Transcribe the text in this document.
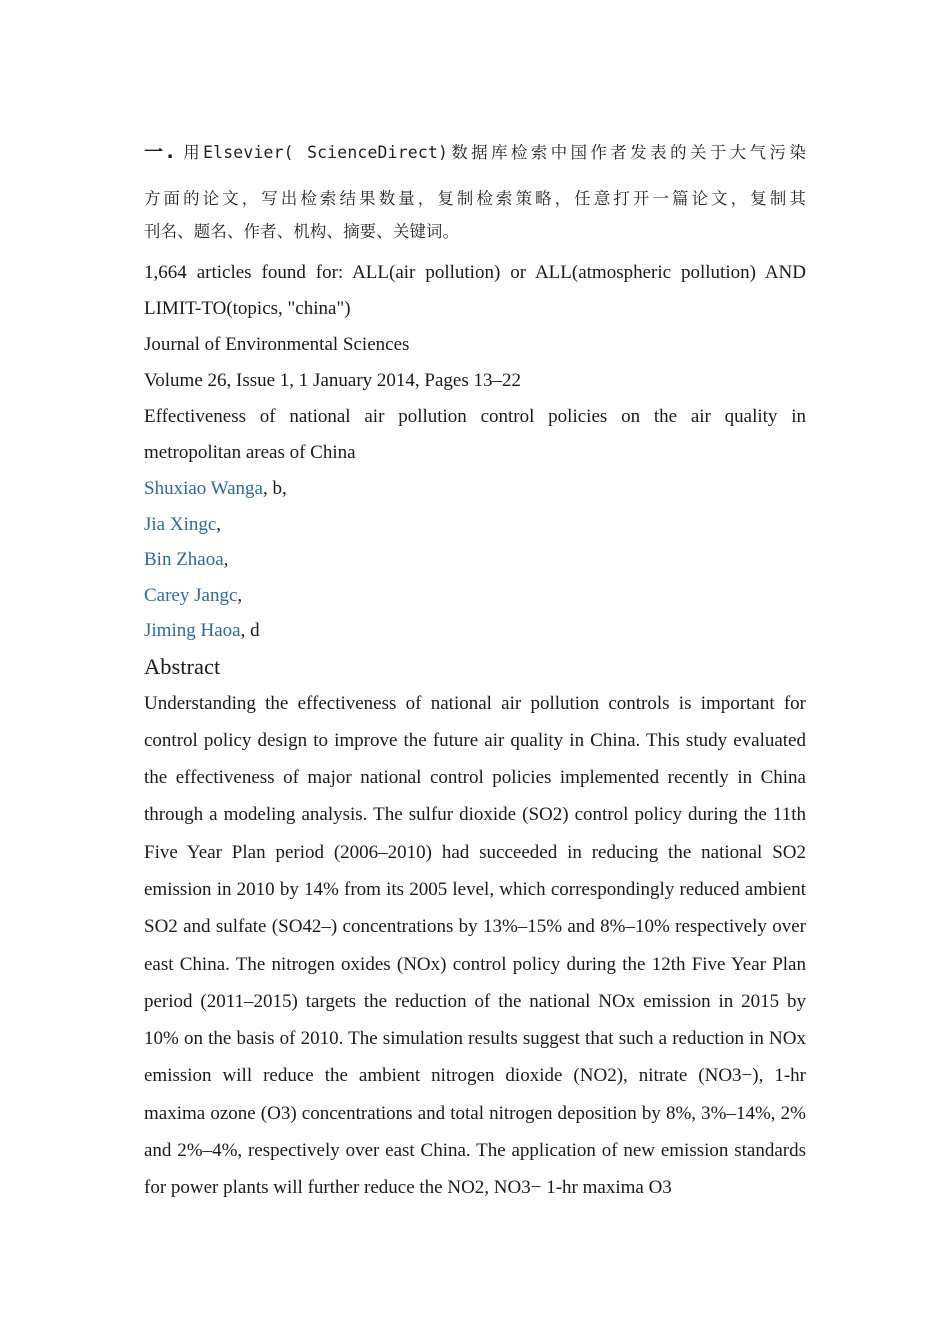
一. 用Elsevier( ScienceDirect)数据库检索中国作者发表的关于大气污染
方面的论文，写出检索结果数量，复制检索策略，任意打开一篇论文，复制其
刊名、题名、作者、机构、摘要、关键词。

1,664 articles found for: ALL(air pollution) or ALL(atmospheric pollution) AND LIMIT-TO(topics, "china")

Journal of Environmental Sciences

Volume 26, Issue 1, 1 January 2014, Pages 13–22

Effectiveness of national air pollution control policies on the air quality in metropolitan areas of China

Shuxiao Wanga, b,

Jia Xingc,

Bin Zhaoa,

Carey Jangc,

Jiming Haoa, d

Abstract

Understanding the effectiveness of national air pollution controls is important for control policy design to improve the future air quality in China. This study evaluated the effectiveness of major national control policies implemented recently in China through a modeling analysis. The sulfur dioxide (SO2) control policy during the 11th Five Year Plan period (2006–2010) had succeeded in reducing the national SO2 emission in 2010 by 14% from its 2005 level, which correspondingly reduced ambient SO2 and sulfate (SO42–) concentrations by 13%–15% and 8%–10% respectively over east China. The nitrogen oxides (NOx) control policy during the 12th Five Year Plan period (2011–2015) targets the reduction of the national NOx emission in 2015 by 10% on the basis of 2010. The simulation results suggest that such a reduction in NOx emission will reduce the ambient nitrogen dioxide (NO2), nitrate (NO3−), 1-hr maxima ozone (O3) concentrations and total nitrogen deposition by 8%, 3%–14%, 2% and 2%–4%, respectively over east China. The application of new emission standards for power plants will further reduce the NO2, NO3− 1-hr maxima O3
